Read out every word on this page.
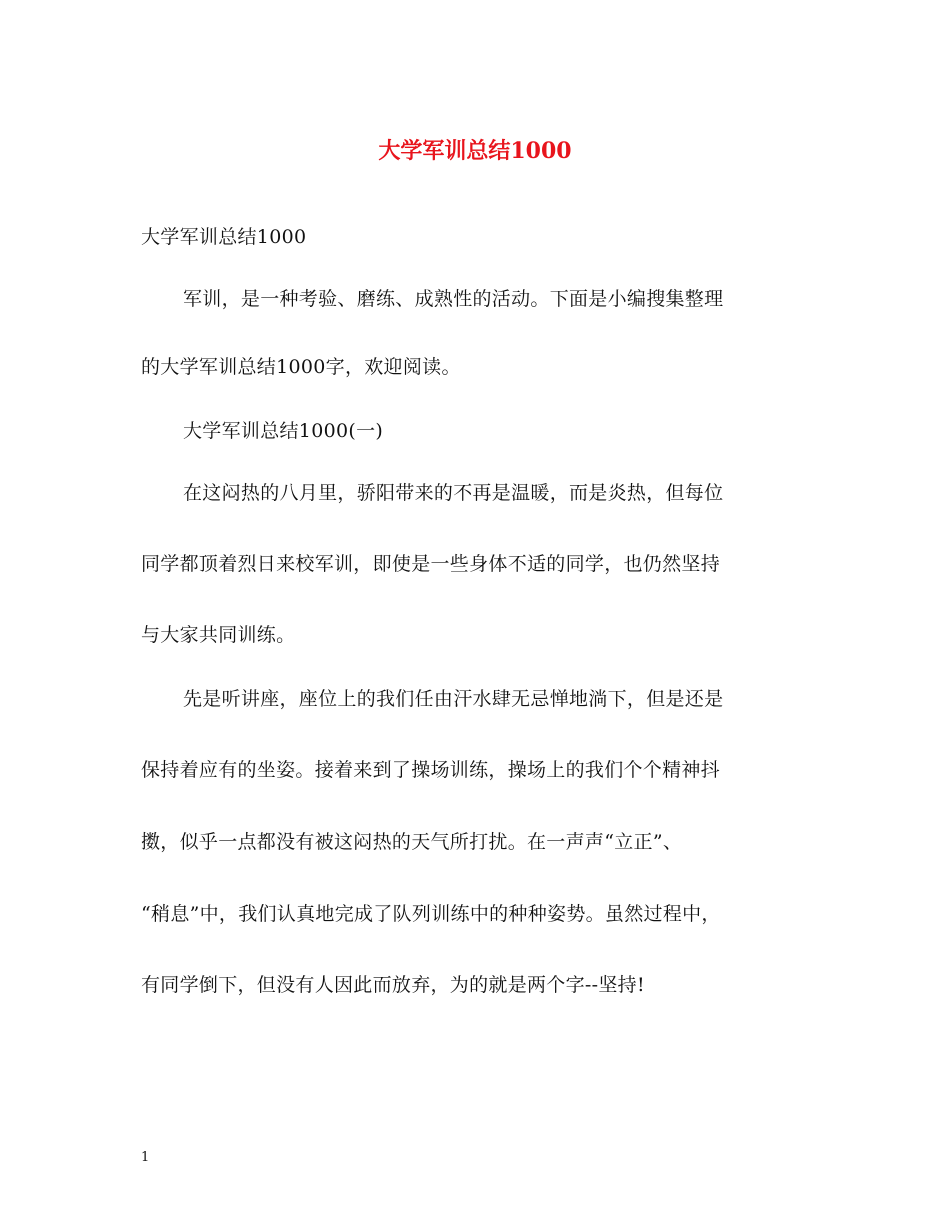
大学军训总结1000
大学军训总结1000
军训，是一种考验、磨练、成熟性的活动。下面是小编搜集整理
的大学军训总结1000字，欢迎阅读。
大学军训总结1000(一)
在这闷热的八月里，骄阳带来的不再是温暖，而是炎热，但每位
同学都顶着烈日来校军训，即使是一些身体不适的同学，也仍然坚持
与大家共同训练。
先是听讲座，座位上的我们任由汗水肆无忌惮地淌下，但是还是
保持着应有的坐姿。接着来到了操场训练，操场上的我们个个精神抖
擞，似乎一点都没有被这闷热的天气所打扰。在一声声“立正”、
“稍息”中，我们认真地完成了队列训练中的种种姿势。虽然过程中，
有同学倒下，但没有人因此而放弃，为的就是两个字--坚持!
1
